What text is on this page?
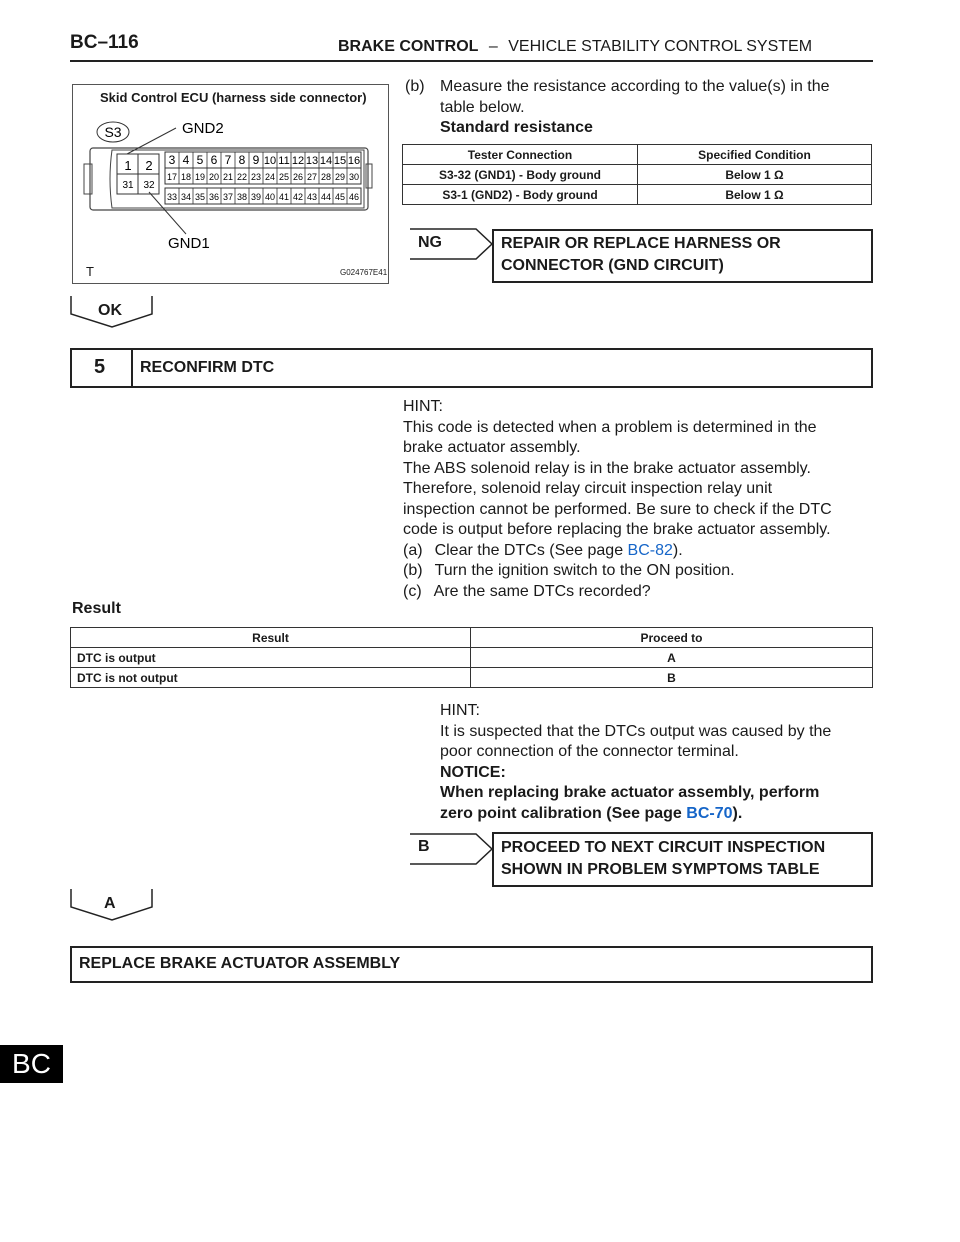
BC–116	BRAKE CONTROL – VEHICLE STABILITY CONTROL SYSTEM
Skid Control ECU (harness side connector)
S3	GND2
GND1
1 2
31 32
3 4 5 6 7 8 9 10 11 12 13 14 15 16
17 18 19 20 21 22 23 24 25 26 27 28 29 30
33 34 35 36 37 38 39 40 41 42 43 44 45 46
T	G024767E41
(b) Measure the resistance according to the value(s) in the
table below.
Standard resistance
Tester Connection	Specified Condition
S3-32 (GND1) - Body ground	Below 1 Ω
S3-1 (GND2) - Body ground	Below 1 Ω
NG	REPAIR OR REPLACE HARNESS OR
CONNECTOR (GND CIRCUIT)
OK
5 RECONFIRM DTC
HINT:
This code is detected when a problem is determined in the
brake actuator assembly.
The ABS solenoid relay is in the brake actuator assembly.
Therefore, solenoid relay circuit inspection relay unit
inspection cannot be performed. Be sure to check if the DTC
code is output before replacing the brake actuator assembly.
(a) Clear the DTCs (See page BC-82).
(b) Turn the ignition switch to the ON position.
(c) Are the same DTCs recorded?
Result
Result	Proceed to
DTC is output	A
DTC is not output	B
HINT:
It is suspected that the DTCs output was caused by the
poor connection of the connector terminal.
NOTICE:
When replacing brake actuator assembly, perform
zero point calibration (See page BC-70).
B	PROCEED TO NEXT CIRCUIT INSPECTION
SHOWN IN PROBLEM SYMPTOMS TABLE
A
REPLACE BRAKE ACTUATOR ASSEMBLY
BC
